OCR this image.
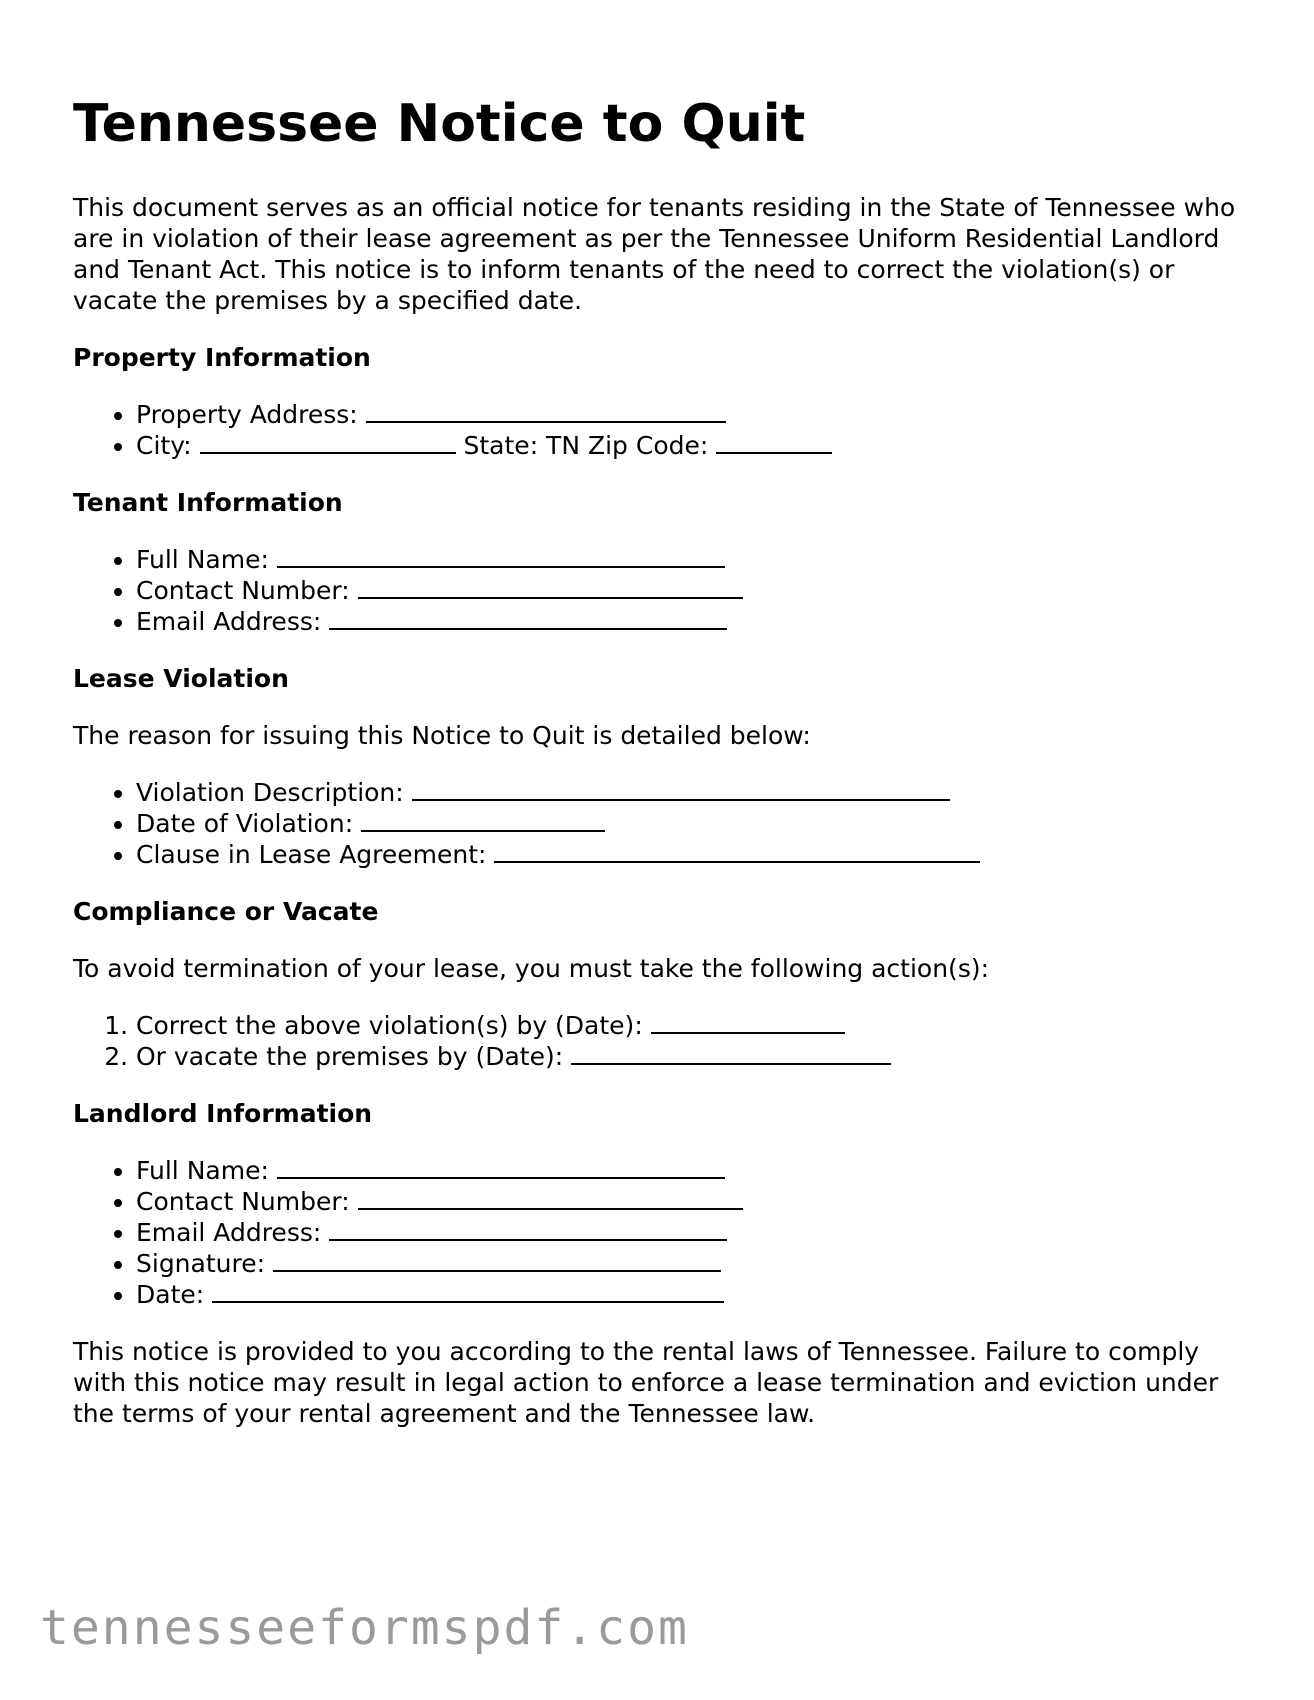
Tennessee Notice to Quit

This document serves as an official notice for tenants residing in the State of Tennessee who are in violation of their lease agreement as per the Tennessee Uniform Residential Landlord and Tenant Act. This notice is to inform tenants of the need to correct the violation(s) or vacate the premises by a specified date.

Property Information
• Property Address:
• City:	State: TN Zip Code:
Tenant Information
• Full Name:
• Contact Number:
• Email Address:
Lease Violation

The reason for issuing this Notice to Quit is detailed below:

• Violation Description:
• Date of Violation:
• Clause in Lease Agreement:
Compliance or Vacate

To avoid termination of your lease, you must take the following action(s):

1. Correct the above violation(s) by (Date):
2. Or vacate the premises by (Date):
Landlord Information
• Full Name:
• Contact Number:
• Email Address:
• Signature:
• Date:

This notice is provided to you according to the rental laws of Tennessee. Failure to comply with this notice may result in legal action to enforce a lease termination and eviction under the terms of your rental agreement and the Tennessee law.

tennesseeformspdf.com
